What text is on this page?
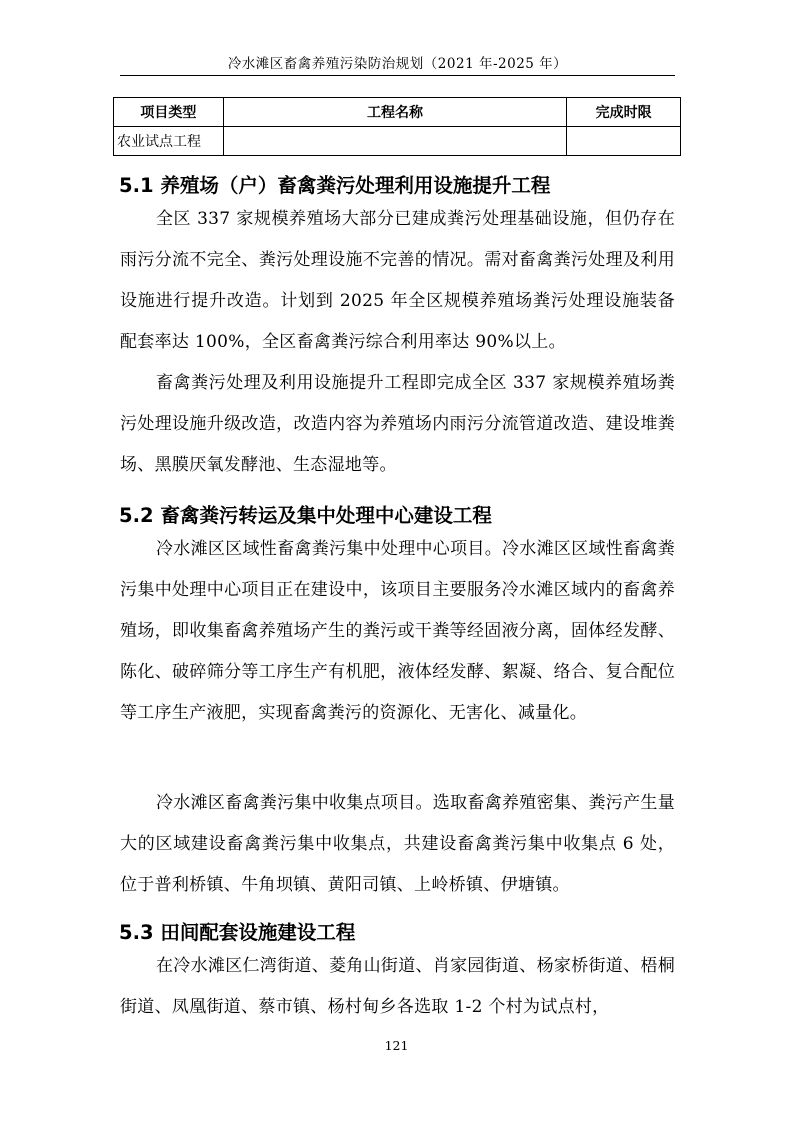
冷水滩区畜禽养殖污染防治规划（2021 年-2025 年）
项目类型	工程名称	完成时限
农业试点工程		
5.1 养殖场（户）畜禽粪污处理利用设施提升工程

全区 337 家规模养殖场大部分已建成粪污处理基础设施，但仍存在雨污分流不完全、粪污处理设施不完善的情况。需对畜禽粪污处理及利用设施进行提升改造。计划到 2025 年全区规模养殖场粪污处理设施装备配套率达 100%，全区畜禽粪污综合利用率达 90%以上。

畜禽粪污处理及利用设施提升工程即完成全区 337 家规模养殖场粪污处理设施升级改造，改造内容为养殖场内雨污分流管道改造、建设堆粪场、黑膜厌氧发酵池、生态湿地等。

5.2 畜禽粪污转运及集中处理中心建设工程

冷水滩区区域性畜禽粪污集中处理中心项目。冷水滩区区域性畜禽粪污集中处理中心项目正在建设中，该项目主要服务冷水滩区域内的畜禽养殖场，即收集畜禽养殖场产生的粪污或干粪等经固液分离，固体经发酵、陈化、破碎筛分等工序生产有机肥，液体经发酵、絮凝、络合、复合配位等工序生产液肥，实现畜禽粪污的资源化、无害化、减量化。

冷水滩区畜禽粪污集中收集点项目。选取畜禽养殖密集、粪污产生量大的区域建设畜禽粪污集中收集点，共建设畜禽粪污集中收集点 6 处，位于普利桥镇、牛角坝镇、黄阳司镇、上岭桥镇、伊塘镇。

5.3 田间配套设施建设工程

在冷水滩区仁湾街道、菱角山街道、肖家园街道、杨家桥街道、梧桐街道、凤凰街道、蔡市镇、杨村甸乡各选取 1-2 个村为试点村，

121
